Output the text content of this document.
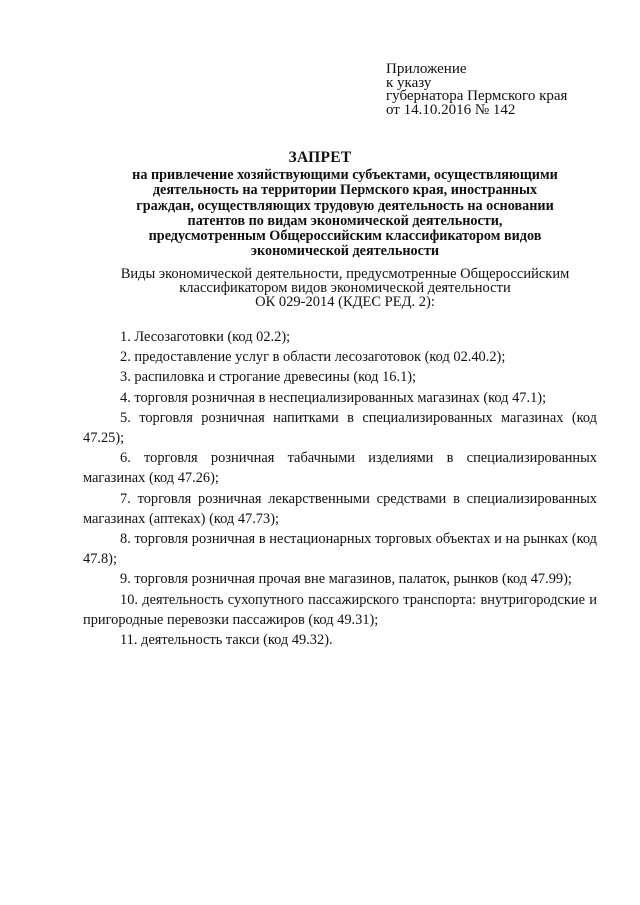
Приложение
к указу
губернатора Пермского края
от 14.10.2016 № 142
ЗАПРЕТ
на привлечение хозяйствующими субъектами, осуществляющими
деятельность на территории Пермского края, иностранных
граждан, осуществляющих трудовую деятельность на основании
патентов по видам экономической деятельности,
предусмотренным Общероссийским классификатором видов
экономической деятельности
Виды экономической деятельности, предусмотренные Общероссийским
классификатором видов экономической деятельности
ОК 029-2014 (КДЕС РЕД. 2):

1. Лесозаготовки (код 02.2);

2. предоставление услуг в области лесозаготовок (код 02.40.2);

3. распиловка и строгание древесины (код 16.1);

4. торговля розничная в неспециализированных магазинах (код 47.1);

5. торговля розничная напитками в специализированных магазинах (код 47.25);

6. торговля розничная табачными изделиями в специализированных магазинах (код 47.26);

7. торговля розничная лекарственными средствами в специализированных магазинах (аптеках) (код 47.73);

8. торговля розничная в нестационарных торговых объектах и на рынках (код 47.8);

9. торговля розничная прочая вне магазинов, палаток, рынков (код 47.99);

10. деятельность сухопутного пассажирского транспорта: внутригородские и пригородные перевозки пассажиров (код 49.31);

11. деятельность такси (код 49.32).
